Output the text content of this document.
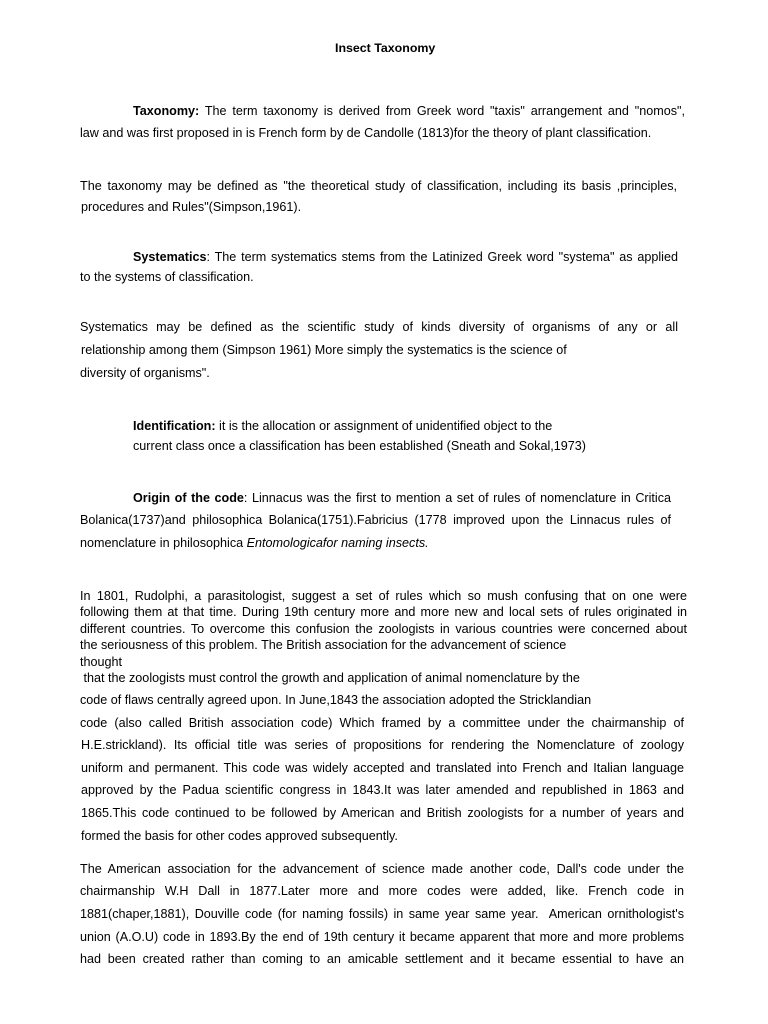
Insect Taxonomy
Taxonomy: The term taxonomy is derived from Greek word "taxis" arrangement and "nomos",
law and was first proposed in is French form by de Candolle (1813)for the theory of plant classification.
The taxonomy may be defined as "the theoretical study of classification, including its basis ,principles,
procedures and Rules"(Simpson,1961).
Systematics: The term systematics stems from the Latinized Greek word "systema" as applied
to the systems of classification.
Systematics may be defined as the scientific study of kinds diversity of organisms of any or all
relationship among them (Simpson 1961) More simply the systematics is the science of
diversity of organisms".
Identification: it is the allocation or assignment of unidentified object to the
current class once a classification has been established (Sneath and Sokal,1973)
Origin of the code: Linnacus was the first to mention a set of rules of nomenclature in Critica
Bolanica(1737)and philosophica Bolanica(1751).Fabricius (1778 improved upon the Linnacus rules of
nomenclature in philosophica Entomologicafor naming insects.
In 1801, Rudolphi, a parasitologist, suggest a set of rules which so mush confusing that on one were
following them at that time. During 19th century more and more new and local sets of rules originated in
different countries. To overcome this confusion the zoologists in various countries were concerned about
the seriousness of this problem. The British association for the advancement of science
thought
that the zoologists must control the growth and application of animal nomenclature by the
code of flaws centrally agreed upon. In June,1843 the association adopted the Stricklandian
code (also called British association code) Which framed by a committee under the chairmanship of
H.E.strickland). Its official title was series of propositions for rendering the Nomenclature of zoology
uniform and permanent. This code was widely accepted and translated into French and Italian language
approved by the Padua scientific congress in 1843.It was later amended and republished in 1863 and
1865.This code continued to be followed by American and British zoologists for a number of years and
formed the basis for other codes approved subsequently.
The American association for the advancement of science made another code, Dall's code under the
chairmanship W.H Dall in 1877.Later more and more codes were added, like. French code in
1881(chaper,1881), Douville code (for naming fossils) in same year same year.  American ornithologist's
union (A.O.U) code in 1893.By the end of 19th century it became apparent that more and more problems
had been created rather than coming to an amicable settlement and it became essential to have an
